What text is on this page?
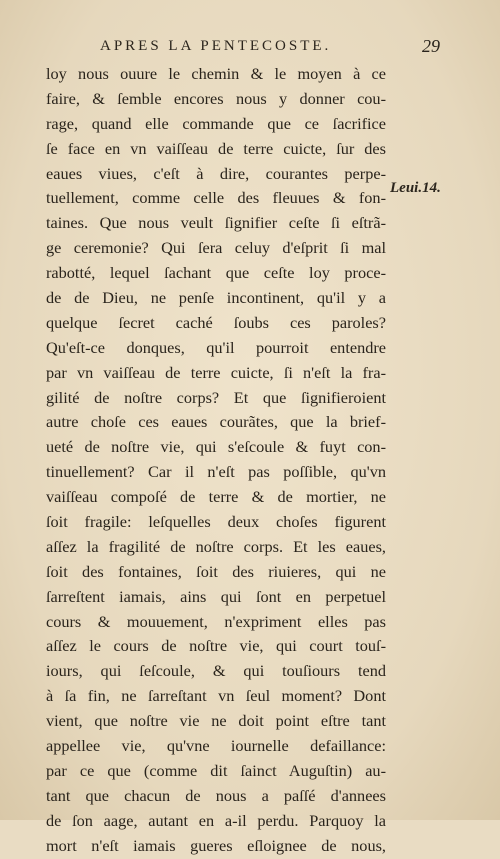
APRES LA PENTECOSTE.	29
loy nous ouure le chemin & le moyen à ce
faire, & ſemble encores nous y donner cou-
rage, quand elle commande que ce ſacrifice
ſe face en vn vaiſſeau de terre cuicte, ſur des
eaues viues, c'eſt à dire, courantes perpe-
tuellement, comme celle des fleuues & fon-
taines. Que nous veult ſignifier ceſte ſi eſtrã-
ge ceremonie? Qui ſera celuy d'eſprit ſi mal
rabotté, lequel ſachant que ceſte loy proce-
de de Dieu, ne penſe incontinent, qu'il y a
quelque ſecret caché ſoubs ces paroles?
Qu'eſt-ce donques, qu'il pourroit entendre
par vn vaiſſeau de terre cuicte, ſi n'eſt la fra-
gilité de noſtre corps? Et que ſignifieroient
autre choſe ces eaues courãtes, que la brief-
ueté de noſtre vie, qui s'eſcoule & fuyt con-
tinuellement? Car il n'eſt pas poſſible, qu'vn
vaiſſeau compoſé de terre & de mortier, ne
ſoit fragile: leſquelles deux choſes figurent
aſſez la fragilité de noſtre corps. Et les eaues,
ſoit des fontaines, ſoit des riuieres, qui ne
ſarreſtent iamais, ains qui ſont en perpetuel
cours & mouuement, n'expriment elles pas
aſſez le cours de noſtre vie, qui court touſ-
iours, qui ſeſcoule, & qui touſiours tend
à ſa fin, ne ſarreſtant vn ſeul moment? Dont
vient, que noſtre vie ne doit point eſtre tant
appellee vie, qu'vne iournelle defaillance:
par ce que (comme dit ſainct Auguſtin) au-
tant que chacun de nous a paſſé d'annees
de ſon aage, autant en a-il perdu. Parquoy la
mort n'eſt iamais gueres eſloignee de nous,
Leui.14.
